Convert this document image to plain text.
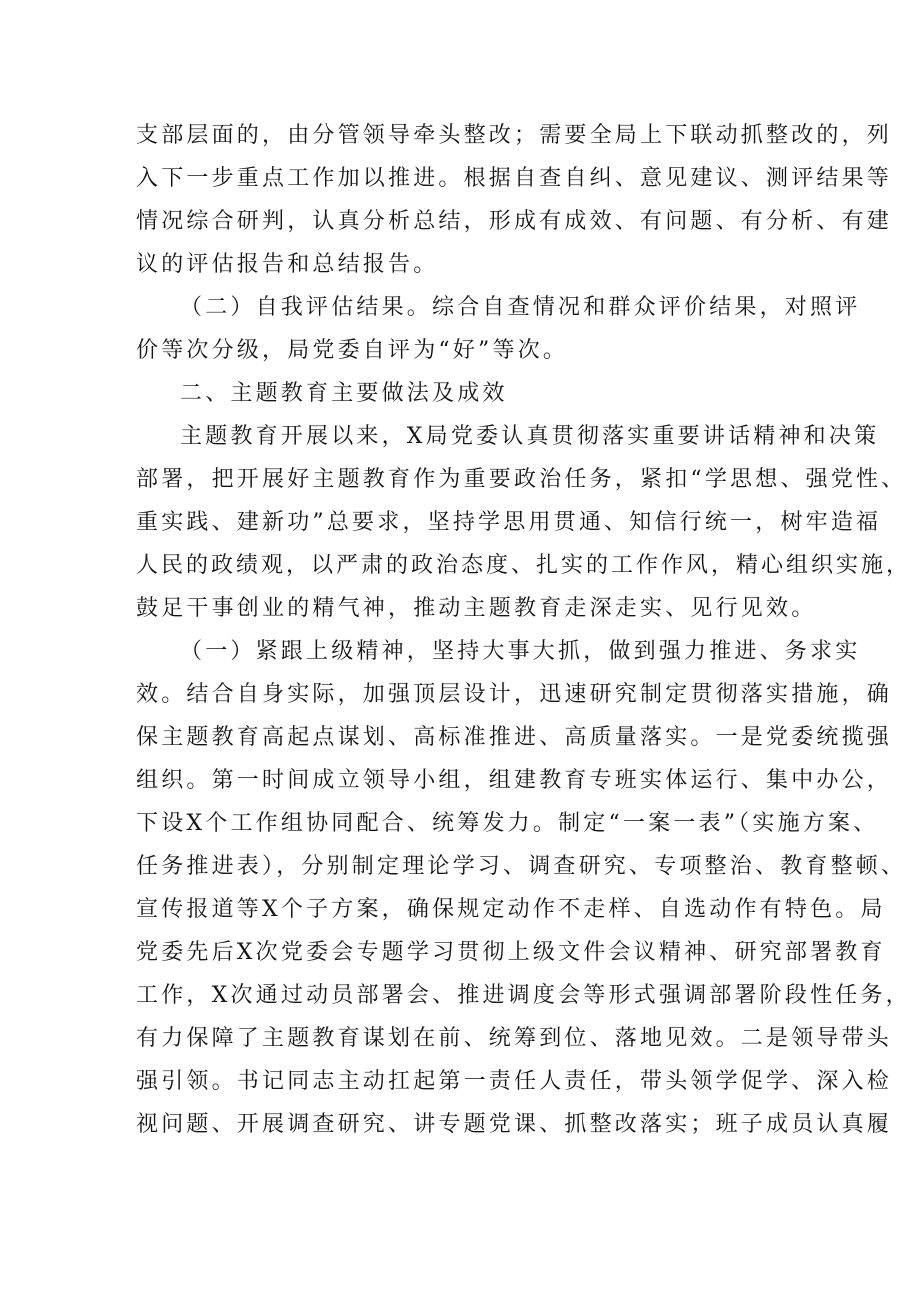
支部层面的，由分管领导牵头整改；需要全局上下联动抓整改的，列
入下一步重点工作加以推进。根据自查自纠、意见建议、测评结果等
情况综合研判，认真分析总结，形成有成效、有问题、有分析、有建
议的评估报告和总结报告。
（二）自我评估结果。综合自查情况和群众评价结果，对照评
价等次分级，局党委自评为“好”等次。
二、主题教育主要做法及成效
主题教育开展以来，X局党委认真贯彻落实重要讲话精神和决策
部署，把开展好主题教育作为重要政治任务，紧扣“学思想、强党性、
重实践、建新功”总要求，坚持学思用贯通、知信行统一，树牢造福
人民的政绩观，以严肃的政治态度、扎实的工作作风，精心组织实施，
鼓足干事创业的精气神，推动主题教育走深走实、见行见效。
（一）紧跟上级精神，坚持大事大抓，做到强力推进、务求实
效。结合自身实际，加强顶层设计，迅速研究制定贯彻落实措施，确
保主题教育高起点谋划、高标准推进、高质量落实。一是党委统揽强
组织。第一时间成立领导小组，组建教育专班实体运行、集中办公，
下设X个工作组协同配合、统筹发力。制定“一案一表”（实施方案、
任务推进表），分别制定理论学习、调查研究、专项整治、教育整顿、
宣传报道等X个子方案，确保规定动作不走样、自选动作有特色。局
党委先后X次党委会专题学习贯彻上级文件会议精神、研究部署教育
工作，X次通过动员部署会、推进调度会等形式强调部署阶段性任务，
有力保障了主题教育谋划在前、统筹到位、落地见效。二是领导带头
强引领。书记同志主动扛起第一责任人责任，带头领学促学、深入检
视问题、开展调查研究、讲专题党课、抓整改落实；班子成员认真履
